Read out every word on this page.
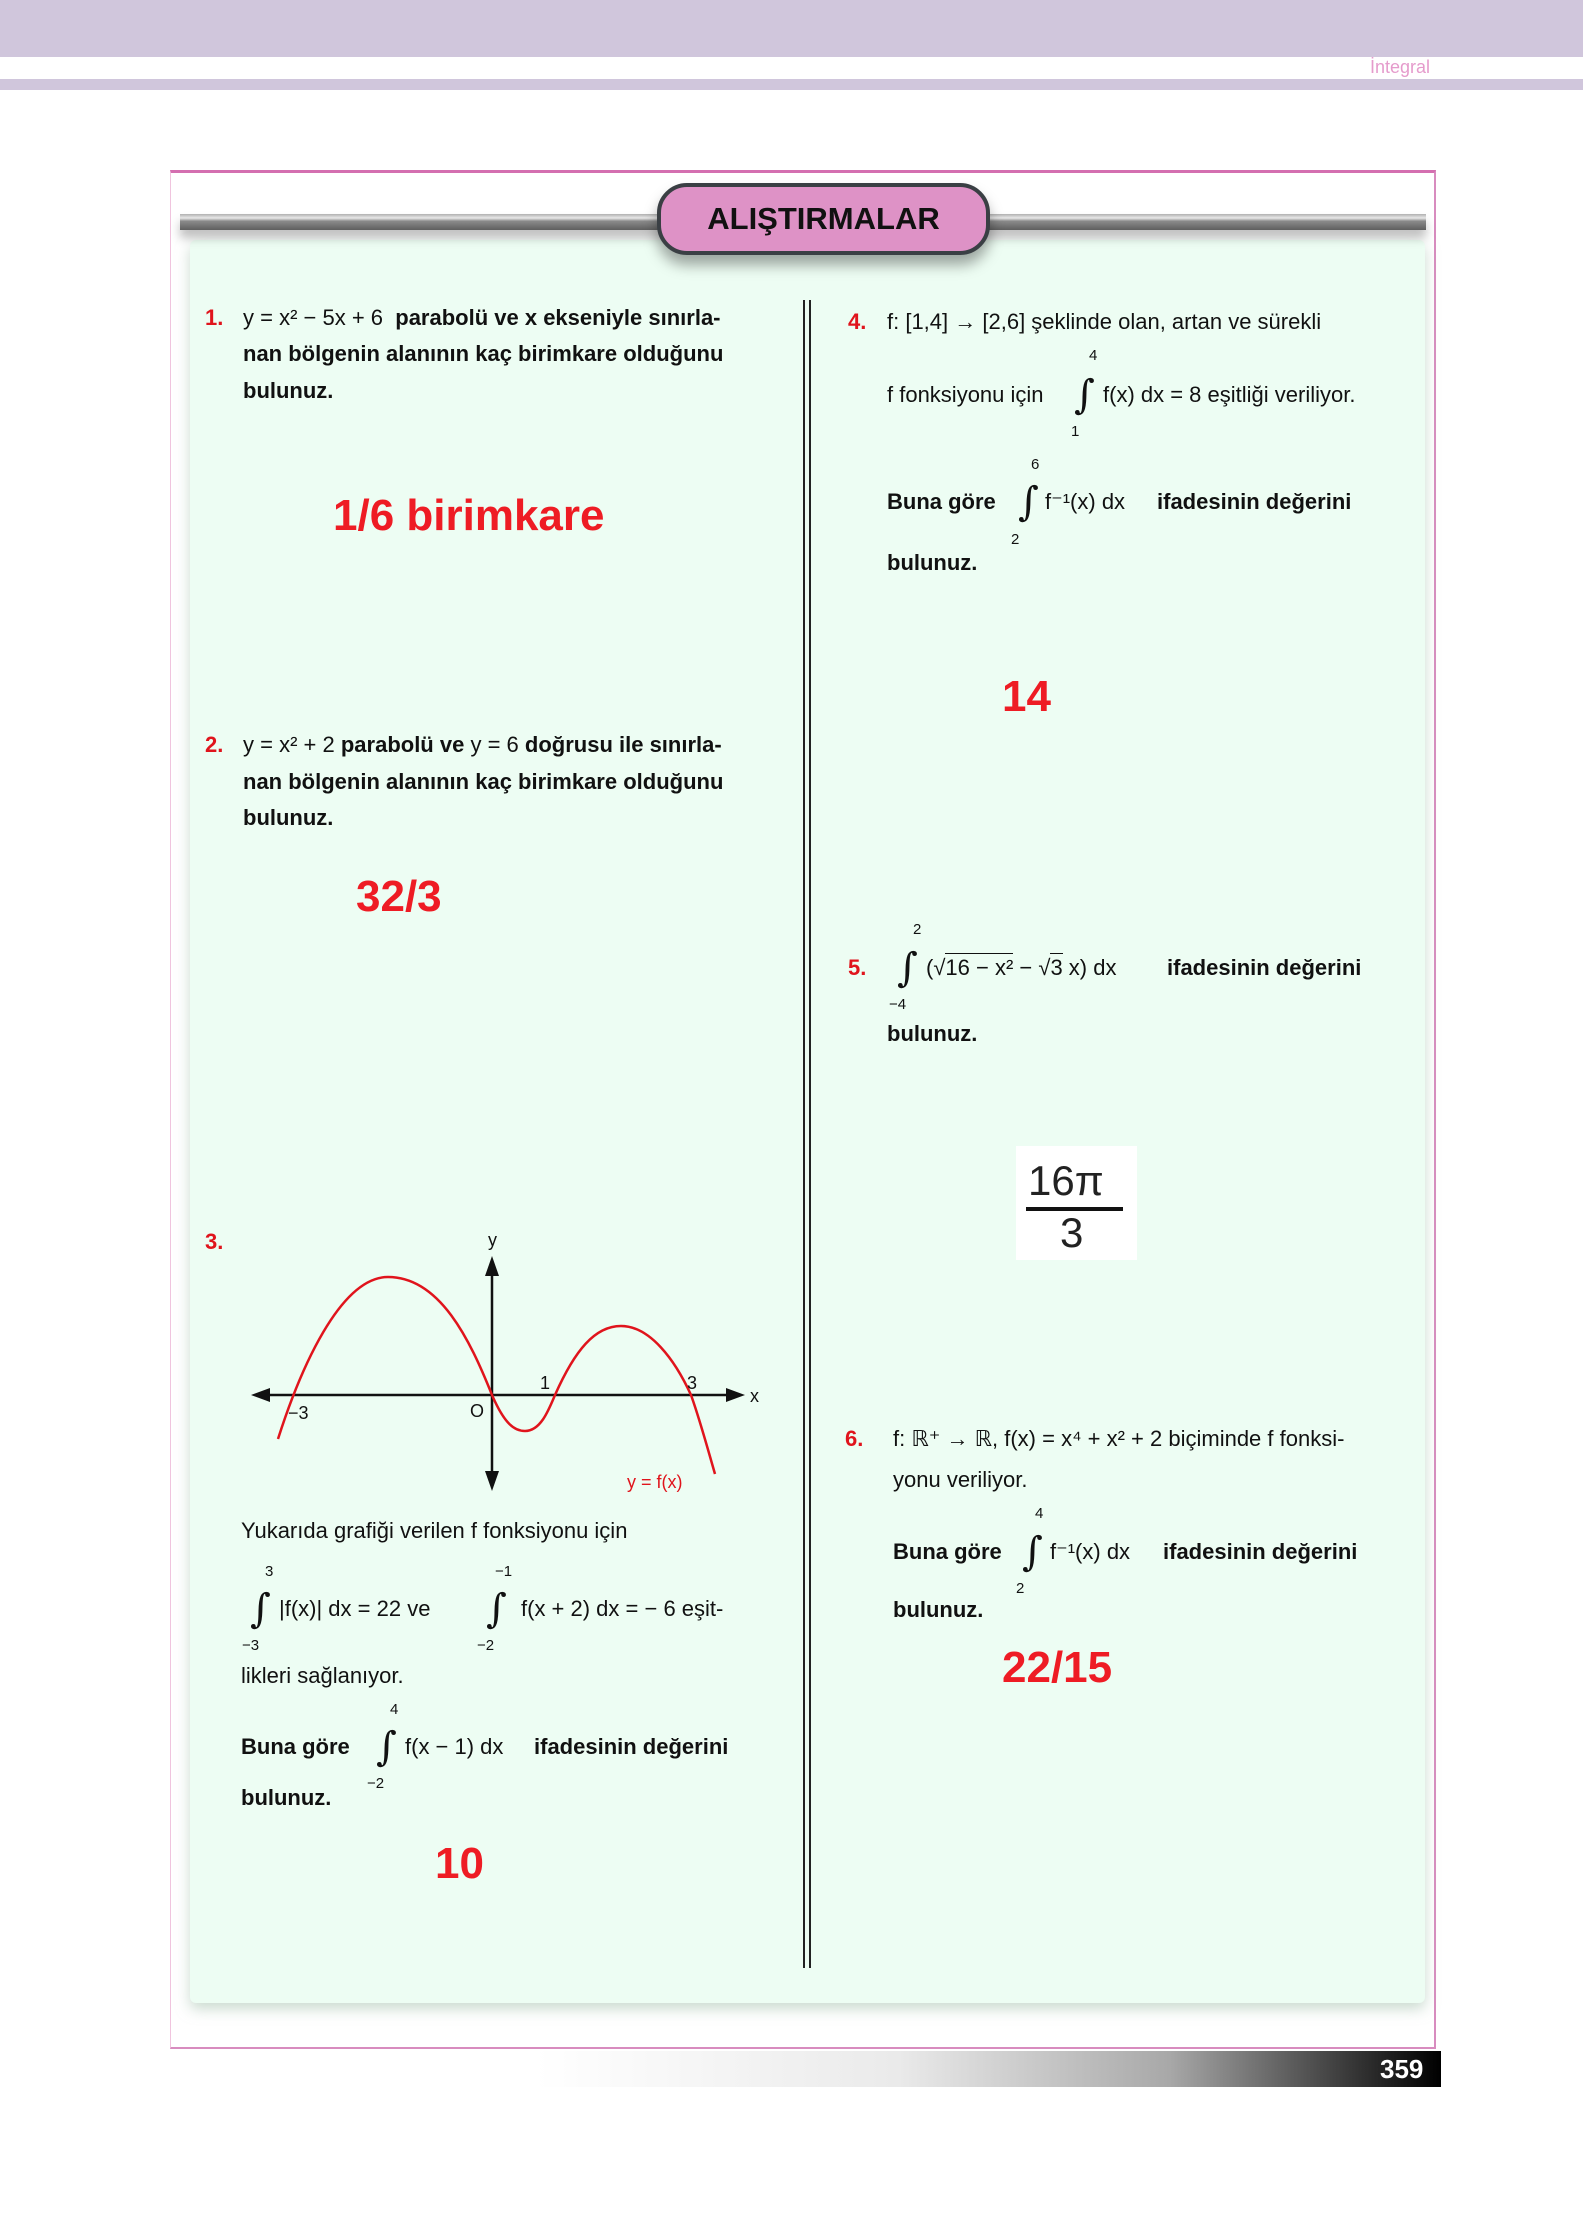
İntegral
ALIŞTIRMALAR
1. y = x² − 5x + 6 parabolü ve x ekseniyle sınırla-
nan bölgenin alanının kaç birimkare olduğunu
bulunuz.
1/6 birimkare
2. y = x² + 2 parabolü ve y = 6 doğrusu ile sınırla-
nan bölgenin alanının kaç birimkare olduğunu
bulunuz.
32/3
3.	y
x
−3	O
1	3
y = f(x)
Yukarıda grafiği verilen f fonksiyonu için
∫
3
−3
|f(x)| dx = 22 ve ∫
−1
−2
f(x + 2) dx = − 6 eşit-
likleri sağlanıyor.
Buna göre ∫
4
−2
f(x − 1) dx ifadesinin değerini
bulunuz.
10
4. f: [1,4] → [2,6] şeklinde olan, artan ve sürekli
f fonksiyonu için ∫
4
1
f(x) dx = 8 eşitliği veriliyor.
Buna göre ∫
6
2
f⁻¹(x) dx ifadesinin değerini
bulunuz.
14
5. ∫
2
−4
(√16 − x² − √3 x) dx ifadesinin değerini
bulunuz.
16π
3
6. f: ℝ⁺ → ℝ, f(x) = x⁴ + x² + 2 biçiminde f fonksi-
yonu veriliyor.
Buna göre ∫
4
2
f⁻¹(x) dx ifadesinin değerini
bulunuz.
22/15
359
